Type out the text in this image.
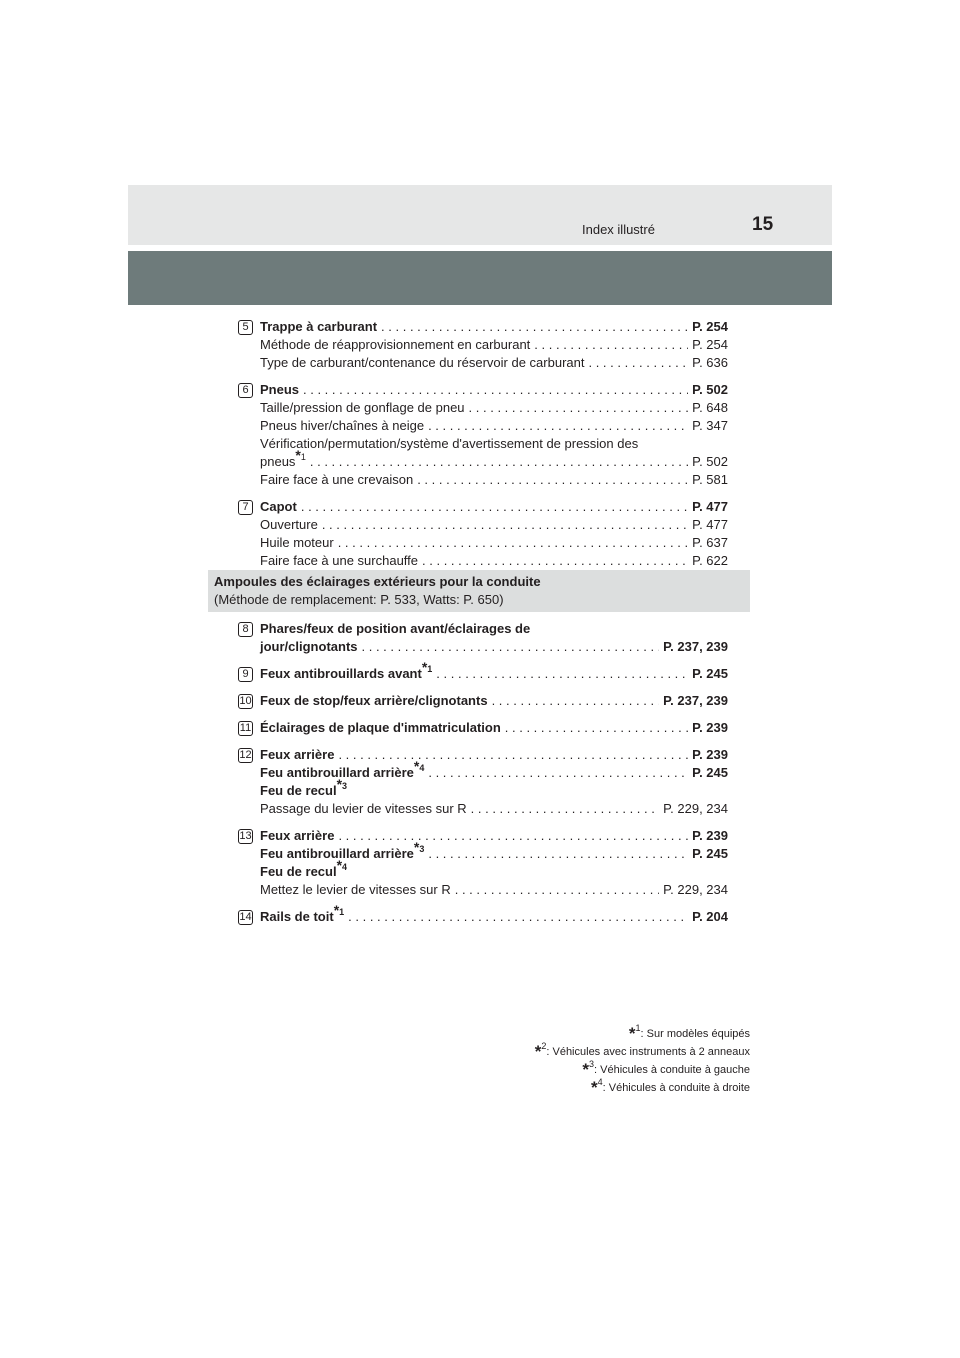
Index illustré	15
5 Trappe à carburant . . .	P. 254
Méthode de réapprovisionnement en carburant . . .	P. 254
Type de carburant/contenance du réservoir de carburant . . .	P. 636
6 Pneus . . .	P. 502
Taille/pression de gonflage de pneu . . .	P. 648
Pneus hiver/chaînes à neige . . .	P. 347
Vérification/permutation/système d'avertissement de pression des
pneus$^{*1}$ . . .	P. 502
Faire face à une crevaison . . .	P. 581
7 Capot . . .	P. 477
Ouverture . . .	P. 477
Huile moteur . . .	P. 637
Faire face à une surchauffe . . .	P. 622
Ampoules des éclairages extérieurs pour la conduite
(Méthode de remplacement: P. 533, Watts: P. 650)
8 Phares/feux de position avant/éclairages de
jour/clignotants . . .	P. 237, 239
9 Feux antibrouillards avant$^{*1}$ . . .	P. 245
10 Feux de stop/feux arrière/clignotants . . .	P. 237, 239
11 Éclairages de plaque d'immatriculation . . .	P. 239
12 Feux arrière . . .	P. 239
Feu antibrouillard arrière$^{*4}$ . . .	P. 245
Feu de recul$^{*3}$
Passage du levier de vitesses sur R . . .	P. 229, 234
13 Feux arrière . . .	P. 239
Feu antibrouillard arrière$^{*3}$ . . .	P. 245
Feu de recul$^{*4}$
Mettez le levier de vitesses sur R . . .	P. 229, 234
14 Rails de toit$^{*1}$ . . .	P. 204
*$^1$: Sur modèles équipés
*$^2$: Véhicules avec instruments à 2 anneaux
*$^3$: Véhicules à conduite à gauche
*$^4$: Véhicules à conduite à droite
